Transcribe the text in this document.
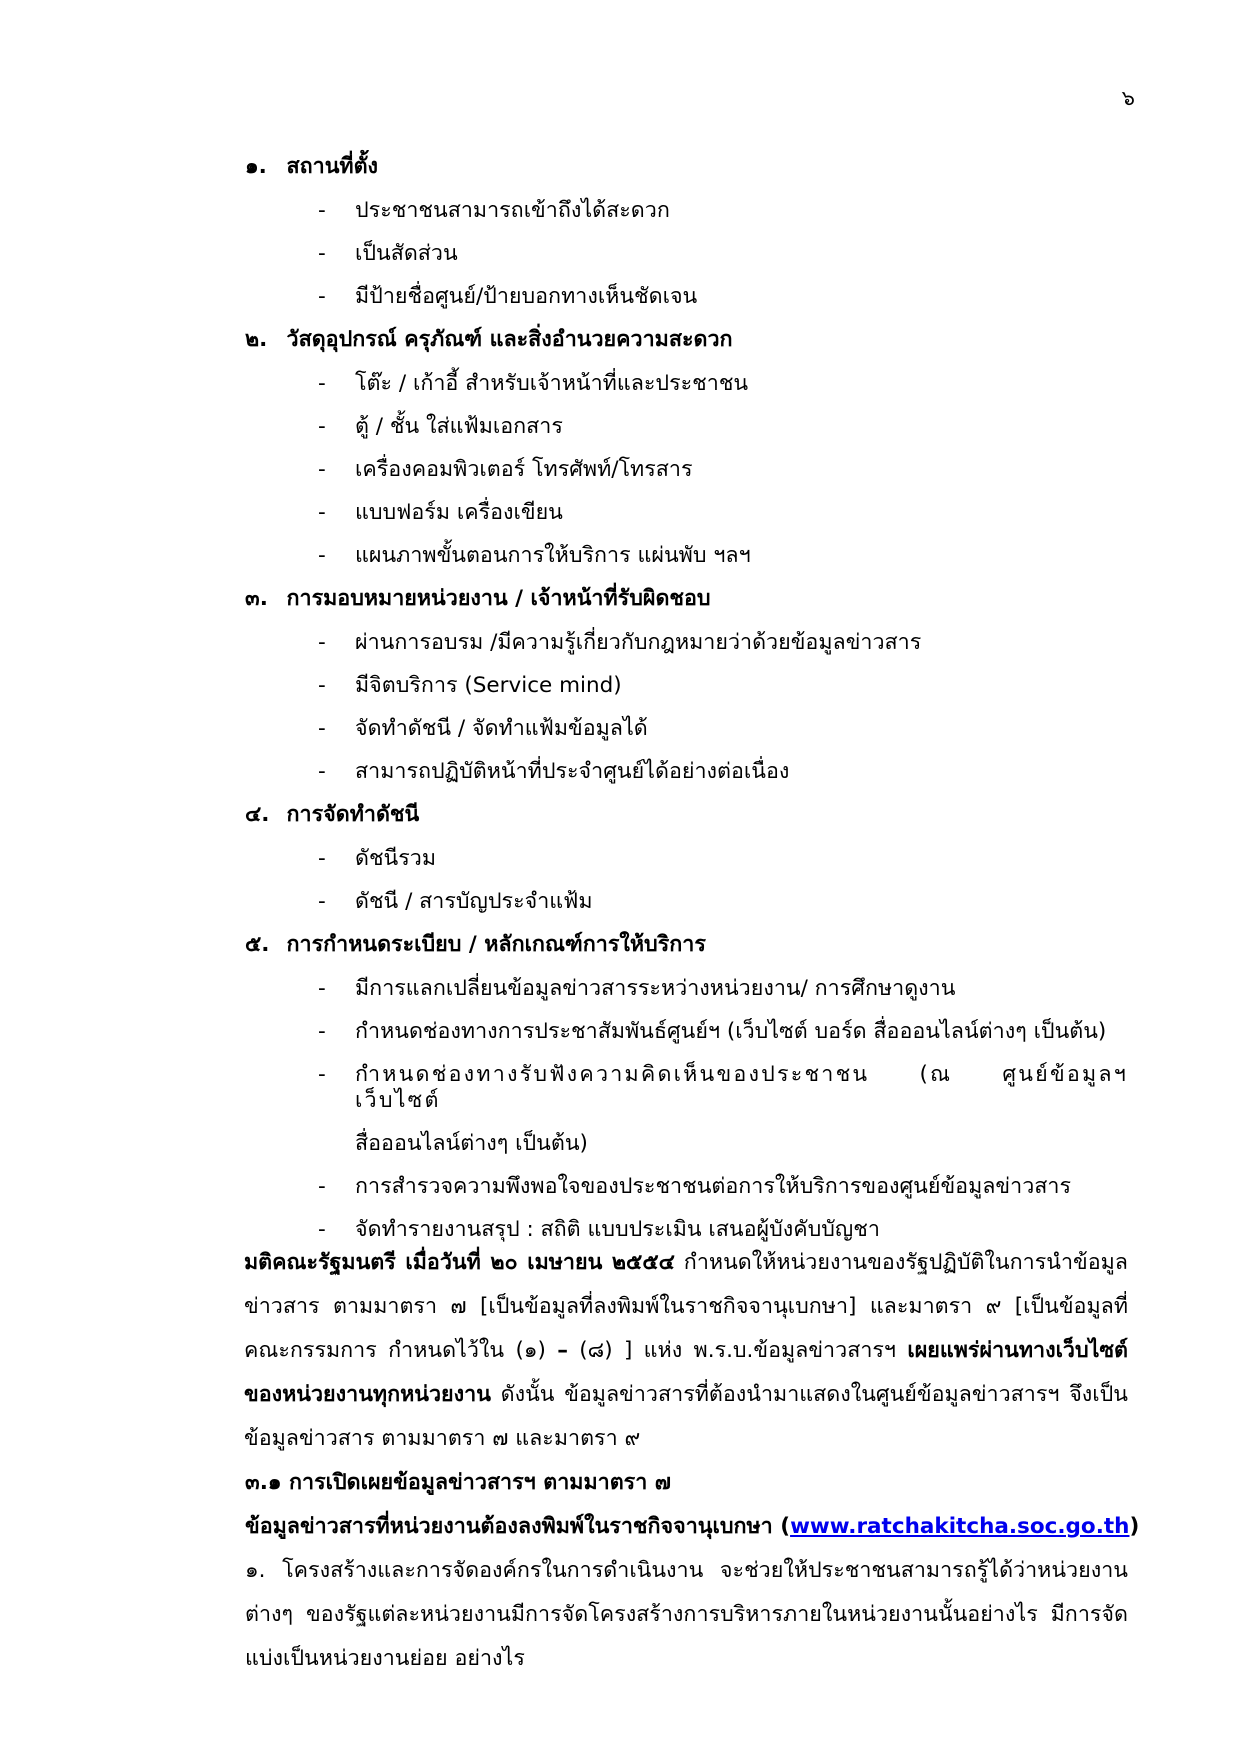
๖
๑. สถานที่ตั้ง
- ประชาชนสามารถเข้าถึงได้สะดวก
- เป็นสัดส่วน
- มีป้ายชื่อศูนย์/ป้ายบอกทางเห็นชัดเจน
๒. วัสดุอุปกรณ์ ครุภัณฑ์ และสิ่งอำนวยความสะดวก
- โต๊ะ / เก้าอี้ สำหรับเจ้าหน้าที่และประชาชน
- ตู้ / ชั้น ใส่แฟ้มเอกสาร
- เครื่องคอมพิวเตอร์ โทรศัพท์/โทรสาร
- แบบฟอร์ม เครื่องเขียน
- แผนภาพขั้นตอนการให้บริการ แผ่นพับ ฯลฯ
๓. การมอบหมายหน่วยงาน / เจ้าหน้าที่รับผิดชอบ
- ผ่านการอบรม /มีความรู้เกี่ยวกับกฎหมายว่าด้วยข้อมูลข่าวสาร
- มีจิตบริการ (Service mind)
- จัดทำดัชนี / จัดทำแฟ้มข้อมูลได้
- สามารถปฏิบัติหน้าที่ประจำศูนย์ได้อย่างต่อเนื่อง
๔. การจัดทำดัชนี
- ดัชนีรวม
- ดัชนี / สารบัญประจำแฟ้ม
๕. การกำหนดระเบียบ / หลักเกณฑ์การให้บริการ
- มีการแลกเปลี่ยนข้อมูลข่าวสารระหว่างหน่วยงาน/ การศึกษาดูงาน
- กำหนดช่องทางการประชาสัมพันธ์ศูนย์ฯ (เว็บไซต์ บอร์ด สื่อออนไลน์ต่างๆ เป็นต้น)
- กำหนดช่องทางรับฟังความคิดเห็นของประชาชน (ณ ศูนย์ข้อมูลฯ เว็บไซต์
สื่อออนไลน์ต่างๆ เป็นต้น)
- การสำรวจความพึงพอใจของประชาชนต่อการให้บริการของศูนย์ข้อมูลข่าวสาร
- จัดทำรายงานสรุป : สถิติ แบบประเมิน เสนอผู้บังคับบัญชา

มติคณะรัฐมนตรี เมื่อวันที่ ๒๐ เมษายน ๒๕๕๔ กำหนดให้หน่วยงานของรัฐปฏิบัติในการนำข้อมูล ข่าวสาร ตามมาตรา ๗ [เป็นข้อมูลที่ลงพิมพ์ในราชกิจจานุเบกษา] และมาตรา ๙ [เป็นข้อมูลที่คณะกรรมการ กำหนดไว้ใน (๑) – (๘) ] แห่ง พ.ร.บ.ข้อมูลข่าวสารฯ เผยแพร่ผ่านทางเว็บไซต์ของหน่วยงานทุกหน่วยงาน ดังนั้น ข้อมูลข่าวสารที่ต้องนำมาแสดงในศูนย์ข้อมูลข่าวสารฯ จึงเป็นข้อมูลข่าวสาร ตามมาตรา ๗ และมาตรา ๙

๓.๑ การเปิดเผยข้อมูลข่าวสารฯ ตามมาตรา ๗
ข้อมูลข่าวสารที่หน่วยงานต้องลงพิมพ์ในราชกิจจานุเบกษา (www.ratchakitcha.soc.go.th)

๑. โครงสร้างและการจัดองค์กรในการดำเนินงาน จะช่วยให้ประชาชนสามารถรู้ได้ว่าหน่วยงานต่างๆ ของรัฐแต่ละหน่วยงานมีการจัดโครงสร้างการบริหารภายในหน่วยงานนั้นอย่างไร มีการจัดแบ่งเป็นหน่วยงานย่อย อย่างไร
